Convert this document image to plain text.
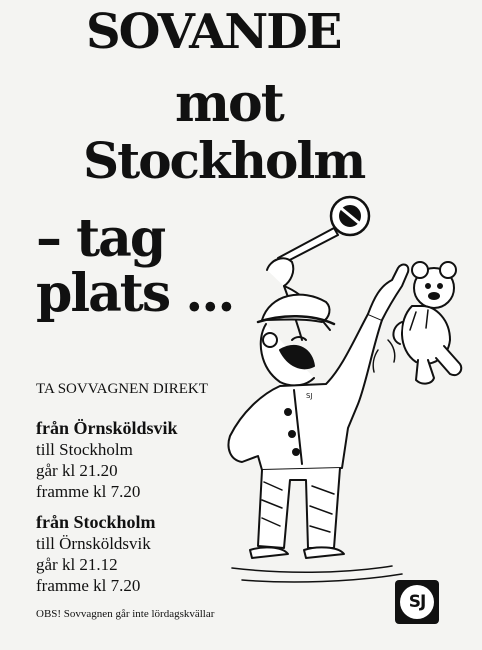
SOVANDE
mot
Stockholm
– tag
plats ...
TA SOVVAGNEN DIREKT
från Örnsköldsvik
till Stockholm
går kl 21.20
framme kl 7.20
från Stockholm
till Örnsköldsvik
går kl 21.12
framme kl 7.20
OBS! Sovvagnen går inte lördagskvällar
SJ
SJ
